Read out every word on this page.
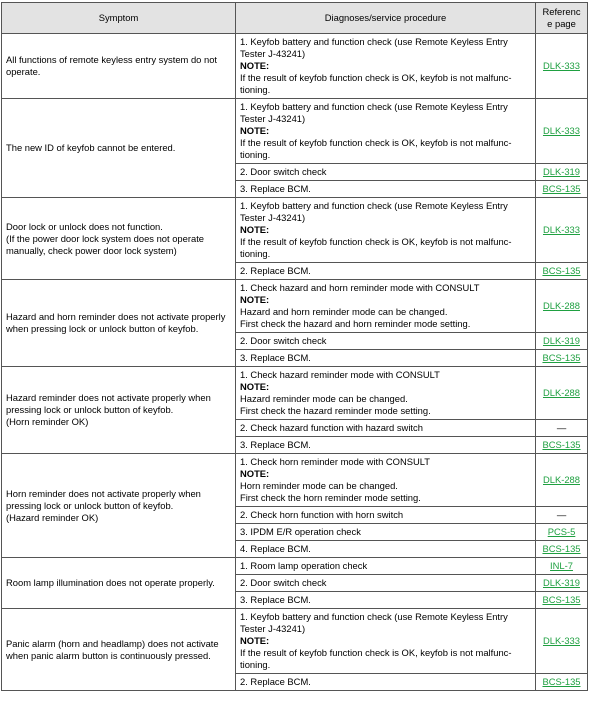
Symptom	Diagnoses/service procedure	Reference page

All functions of remote keyless entry system do not operate.	1. Keyfob battery and function check (use Remote Keyless Entry Tester J-43241)
NOTE:
If the result of keyfob function check is OK, keyfob is not malfunc-tioning.	DLK-333

The new ID of keyfob cannot be entered.	1. Keyfob battery and function check (use Remote Keyless Entry Tester J-43241)
NOTE:
If the result of keyfob function check is OK, keyfob is not malfunc-tioning.	DLK-333

	2. Door switch check	DLK-319

	3. Replace BCM.	BCS-135

Door lock or unlock does not function.
(If the power door lock system does not operate manually, check power door lock system)	1. Keyfob battery and function check (use Remote Keyless Entry Tester J-43241)
NOTE:
If the result of keyfob function check is OK, keyfob is not malfunc-tioning.	DLK-333

	2. Replace BCM.	BCS-135

Hazard and horn reminder does not activate properly when pressing lock or unlock button of keyfob.	1. Check hazard and horn reminder mode with CONSULT
NOTE:
Hazard and horn reminder mode can be changed.
First check the hazard and horn reminder mode setting.	DLK-288

	2. Door switch check	DLK-319

	3. Replace BCM.	BCS-135

Hazard reminder does not activate properly when pressing lock or unlock button of keyfob.
(Horn reminder OK)	1. Check hazard reminder mode with CONSULT
NOTE:
Hazard reminder mode can be changed.
First check the hazard reminder mode setting.	DLK-288

	2. Check hazard function with hazard switch	—

	3. Replace BCM.	BCS-135

Horn reminder does not activate properly when pressing lock or unlock button of keyfob.
(Hazard reminder OK)	1. Check horn reminder mode with CONSULT
NOTE:
Horn reminder mode can be changed.
First check the horn reminder mode setting.	DLK-288

	2. Check horn function with horn switch	—

	3. IPDM E/R operation check	PCS-5

	4. Replace BCM.	BCS-135

Room lamp illumination does not operate properly.	1. Room lamp operation check	INL-7

	2. Door switch check	DLK-319

	3. Replace BCM.	BCS-135

Panic alarm (horn and headlamp) does not activate when panic alarm button is continuously pressed.	1. Keyfob battery and function check (use Remote Keyless Entry Tester J-43241)
NOTE:
If the result of keyfob function check is OK, keyfob is not malfunc-tioning.	DLK-333

	2. Replace BCM.	BCS-135
